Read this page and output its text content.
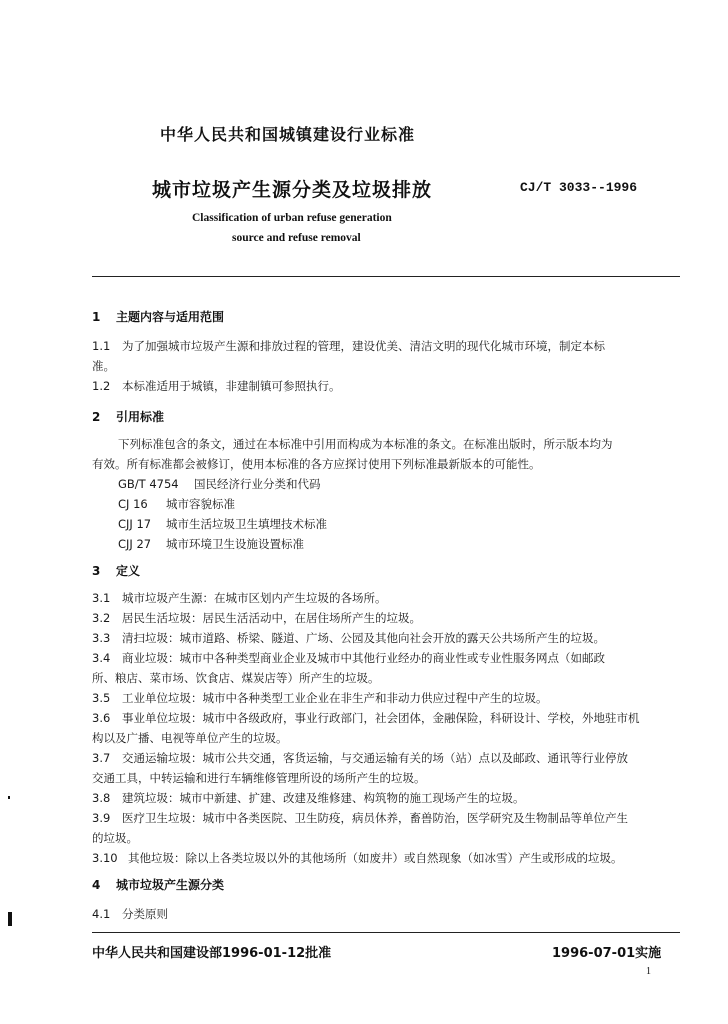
中华人民共和国城镇建设行业标准
城市垃圾产生源分类及垃圾排放	CJ/T 3033--1996
Classification of urban refuse generation
source and refuse removal
1 主题内容与适用范围
1.1 为了加强城市垃圾产生源和排放过程的管理，建设优美、清洁文明的现代化城市环境，制定本标
准。
1.2 本标准适用于城镇，非建制镇可参照执行。
2 引用标准
下列标准包含的条文，通过在本标准中引用而构成为本标准的条文。在标准出版时，所示版本均为
有效。所有标准都会被修订，使用本标准的各方应探讨使用下列标准最新版本的可能性。
GB/T 4754 国民经济行业分类和代码
CJ 16 城市容貌标准
CJJ 17 城市生活垃圾卫生填埋技术标准
CJJ 27 城市环境卫生设施设置标准
3 定义
3.1 城市垃圾产生源：在城市区划内产生垃圾的各场所。
3.2 居民生活垃圾：居民生活活动中，在居住场所产生的垃圾。
3.3 清扫垃圾：城市道路、桥梁、隧道、广场、公园及其他向社会开放的露天公共场所产生的垃圾。
3.4 商业垃圾：城市中各种类型商业企业及城市中其他行业经办的商业性或专业性服务网点（如邮政
所、粮店、菜市场、饮食店、煤炭店等）所产生的垃圾。
3.5 工业单位垃圾：城市中各种类型工业企业在非生产和非动力供应过程中产生的垃圾。
3.6 事业单位垃圾：城市中各级政府，事业行政部门，社会团体，金融保险，科研设计、学校，外地驻市机
构以及广播、电视等单位产生的垃圾。
3.7 交通运输垃圾：城市公共交通，客货运输，与交通运输有关的场（站）点以及邮政、通讯等行业停放
交通工具，中转运输和进行车辆维修管理所设的场所产生的垃圾。
3.8 建筑垃圾：城市中新建、扩建、改建及维修建、构筑物的施工现场产生的垃圾。
3.9 医疗卫生垃圾：城市中各类医院、卫生防疫，病员休养，畜兽防治，医学研究及生物制品等单位产生
的垃圾。
3.10 其他垃圾：除以上各类垃圾以外的其他场所（如废井）或自然现象（如冰雪）产生或形成的垃圾。
4 城市垃圾产生源分类
4.1 分类原则
中华人民共和国建设部1996-01-12批准	1996-07-01实施
1
